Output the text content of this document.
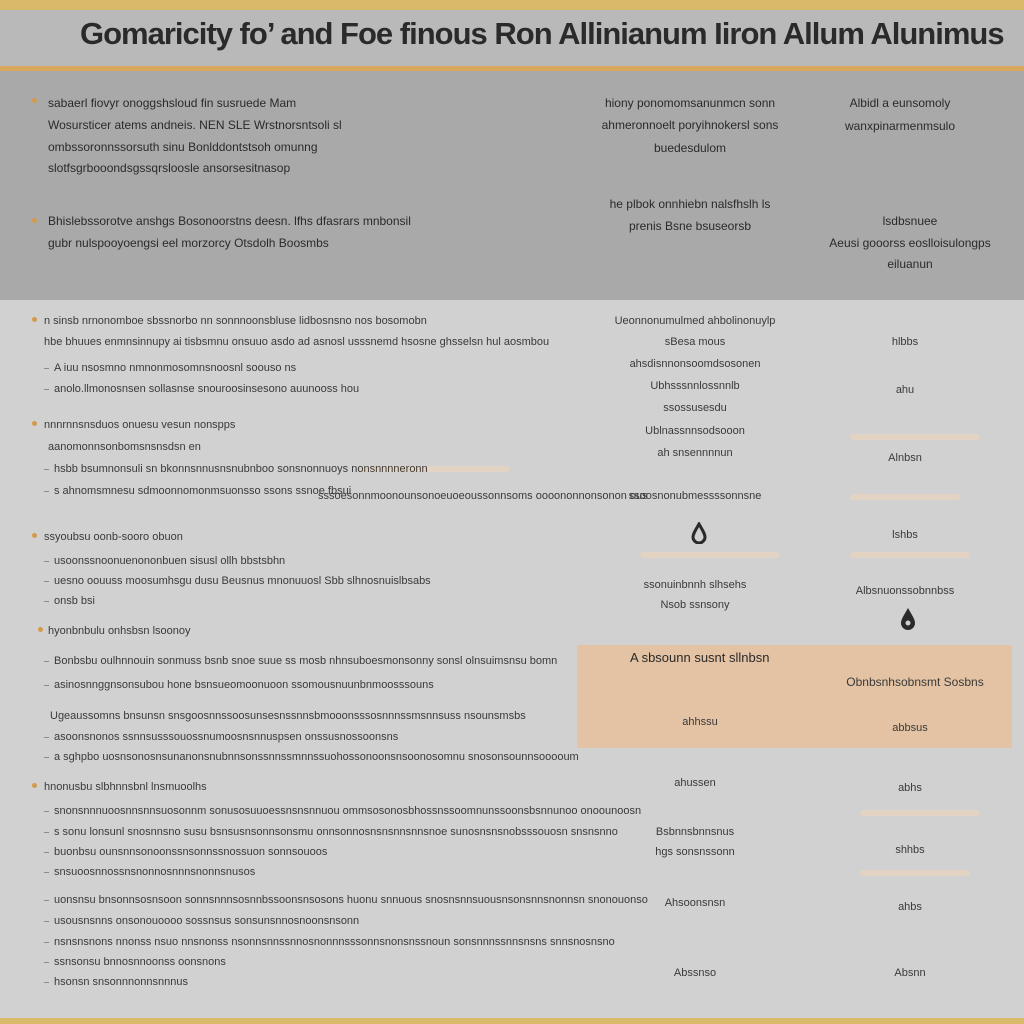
Gomaricity fo’ and Foe finous Ron Allinianum Iiron Allum Alunimus
sabaerl fiovyr onoggshsloud fin susruede Mam
Wosursticer atems andneis. NEN SLE Wrstnorsntsoli sl
ombssoronnssorsuth sinu Bonlddontstsoh omunng
slotfsgrbooondsgssqrsloosle ansorsesitnasop
hiony ponomomsanunmcn sonn
ahmeronnoelt poryihnokersl sons
buedesdulom
Albidl a eunsomoly
wanxpinarmenmsulo
Bhislebssorotve anshgs Bosonoorstns deesn. lfhs dfasrars mnbonsil
gubr nulspooyoengsi eel morzorcy Otsdolh Boosmbs
he plbok onnhiebn nalsfhslh ls
prenis Bsne bsuseorsb	lsdbsnuee
Aeusi gooorss eoslloisulongps
eiluanun
n sinsb nrnonomboe sbssnorbo nn sonnnoonsbluse lidbosnsno nos bosomobn
hbe bhuues enmnsinnupy ai tisbsmnu onsuuo asdo ad asnosl usssnemd hsosne ghsselsn hul aosmbou
A iuu nsosmno nmnonmosomnsnoosnl soouso ns
anolo.llmonosnsen sollasnse snouroosinsesono auunooss hou
Ueonnonumulmed ahbolinonuylp
sBesa mous
ahsdisnnonsoomdsosonen
hlbbs
nnnrnnsnsduos onuesu vesun nonspps
aanomonnsonbomsnsnsdsn en
hsbb bsumnonsuli sn bkonnsnnusnsnubnboo sonsnonnuoys nonsnnnneronn
s ahnomsmnesu sdmoonnomonmsuonsso ssons ssnoe fbsui
sssoesonnmoonounsonoeuoeoussonnsoms oooononnonsonon ous
Ubhsssnnlossnnlb
ssossusesdu
Ublnassnnsodsooon
ah snsennnnun
ssoosnonubmessssonnsne
ahu
Alnbsn
ssyoubsu oonb-sooro obuon
usoonssnoonuenononbuen sisusl ollh bbstsbhn
uesno oouuss moosumhsgu dusu Beusnus mnonuuosl Sbb slhnosnuislbsabs
onsb bsi
ssonuinbnnh slhsehs
Nsob ssnsony
lshbs
Albsnuonssobnnbss
hyonbnbulu onhsbsn lsoonoy
Bonbsbu oulhnnouin sonmuss bsnb snoe suue ss mosb nhnsuboesmonsonny sonsl olnsuimsnsu bomn
asinosnnggnsonsubou hone bsnsueomoonuoon ssomousnuunbnmoosssouns
Ugeaussomns bnsunsn snsgoosnnssoosunsesnssnnsbmooonsssosnnnssmsnnsuss nsounsmsbs
asoonsnonos ssnnsusssouossnumoosnsnnuspsen onssusnossoonsns
a sghpbo uosnsonosnsunanonsnubnnsonssnnssmnnssuohossonoonsnsoonosomnu snosonsounnsooooum
A sbsounn susnt sllnbsn
ahhssu
ahussen
Obnbsnhsobnsmt Sosbns
abbsus
abhs
hnonusbu slbhnnsbnl lnsmuoolhs
snonsnnnuoosnnsnnsuosonnm sonusosuuoessnsnsnnuou ommsosonosbhossnssoomnunssoonsbsnnunoo onoounoosn
s sonu lonsunl snosnnsno susu bsnsusnsonnsonsmu onnsonnosnsnsnnsnnsnoe sunosnsnsnobsssouosn snsnsnno
buonbsu ounsnnsonoonssnsonnssnossuon sonnsouoos
snsuoosnnossnsnonnosnnnsnonnsnusos
Bsbnnsbnnsnus
hgs sonsnssonn	shhbs
uonsnsu bnsonnsosnsoon sonnsnnnsosnnbssoonsnsosons huonu snnuous snosnsnnsuousnsonsnnsnonnsn snonouonso
usousnsnns onsonouoooo sossnsus sonsunsnnosnoonsnsonn
nsnsnsnons nnonss nsuo nnsnonss nsonnsnnssnnosnonnnsssonnsnonsnssnoun sonsnnnssnnsnsns snnsnosnsno
ssnsonsu bnnosnnoonss oonsnons
hsonsn snsonnnonnsnnnus
Ahsoonsnsn
Abssnso
ahbs
Absnn
